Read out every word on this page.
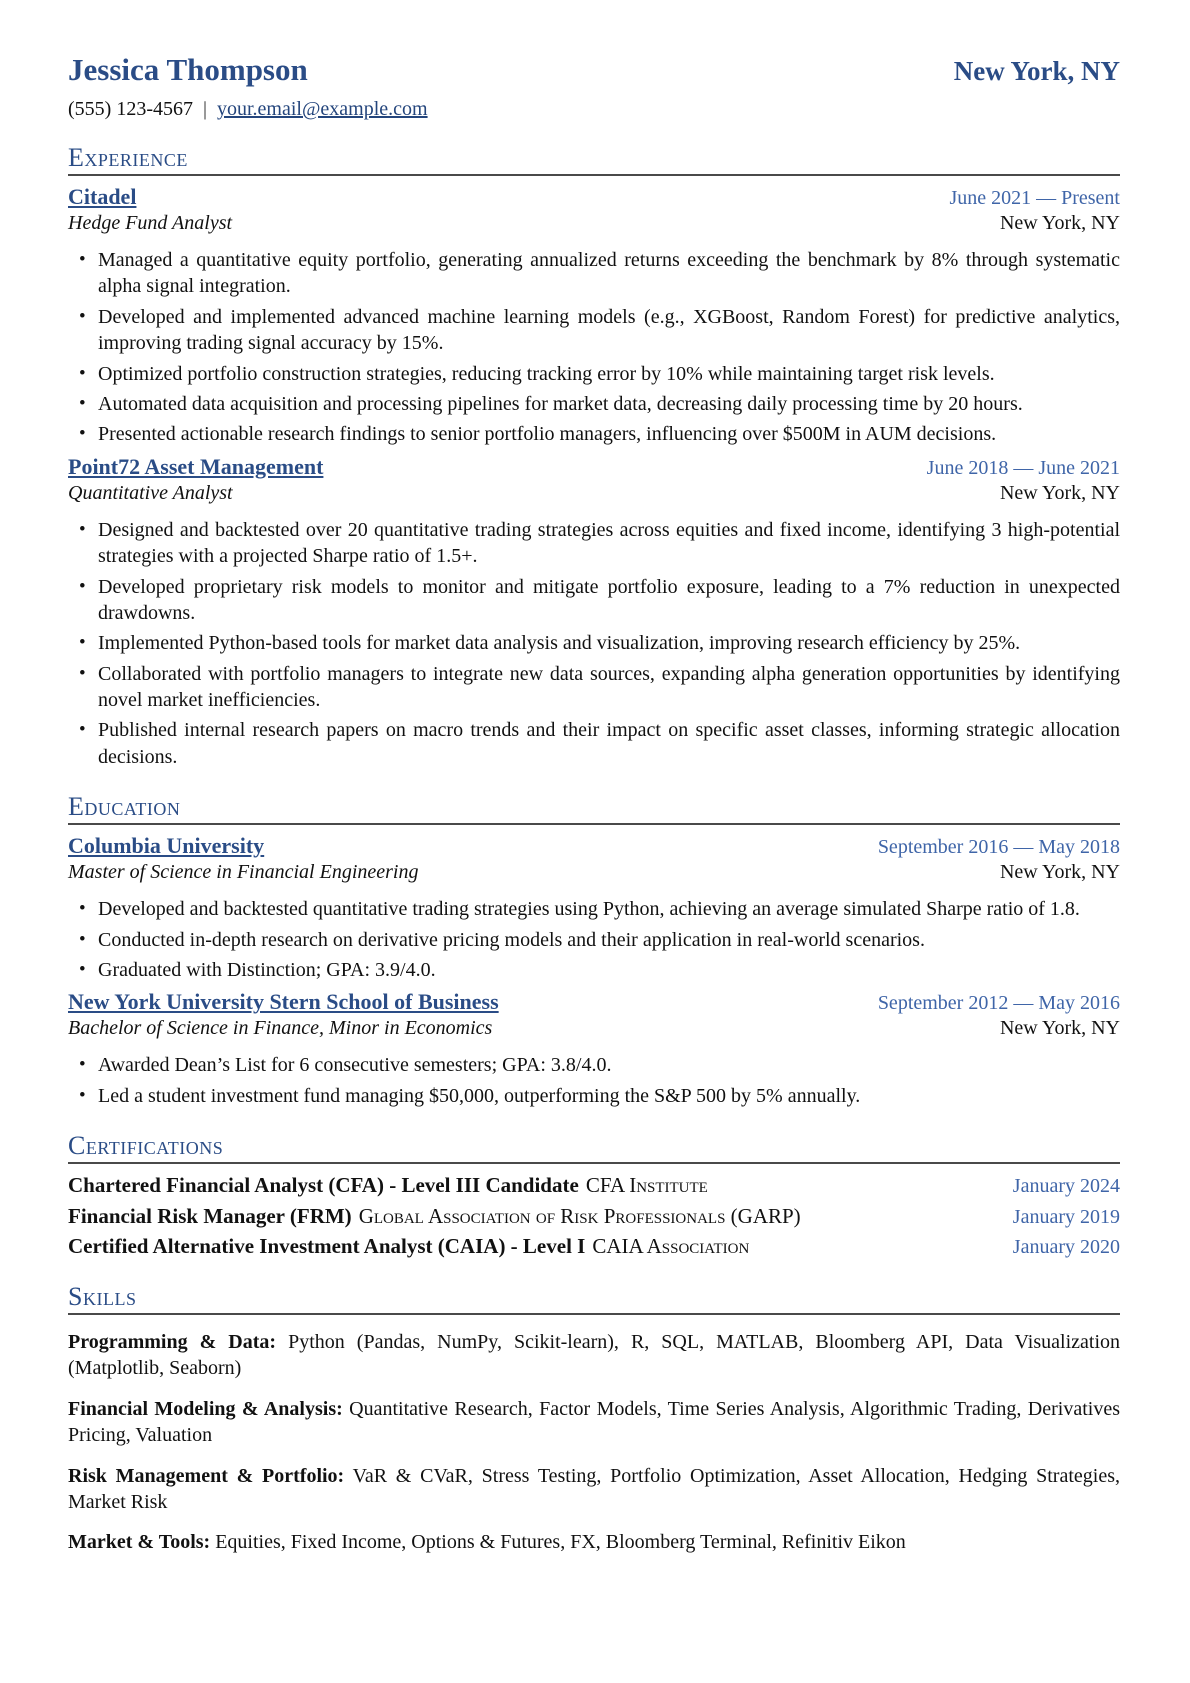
Jessica Thompson	New York, NY
(555) 123-4567 | your.email@example.com
Experience
Citadel	June 2021 — Present
Hedge Fund Analyst	New York, NY
• Managed a quantitative equity portfolio, generating annualized returns exceeding the benchmark by 8% through systematic alpha signal integration.
• Developed and implemented advanced machine learning models (e.g., XGBoost, Random Forest) for predictive analytics, improving trading signal accuracy by 15%.
• Optimized portfolio construction strategies, reducing tracking error by 10% while maintaining target risk levels.
• Automated data acquisition and processing pipelines for market data, decreasing daily processing time by 20 hours.
• Presented actionable research findings to senior portfolio managers, influencing over $500M in AUM decisions.
Point72 Asset Management	June 2018 — June 2021
Quantitative Analyst	New York, NY
• Designed and backtested over 20 quantitative trading strategies across equities and fixed income, identifying 3 high-potential strategies with a projected Sharpe ratio of 1.5+.
• Developed proprietary risk models to monitor and mitigate portfolio exposure, leading to a 7% reduction in unexpected drawdowns.
• Implemented Python-based tools for market data analysis and visualization, improving research efficiency by 25%.
• Collaborated with portfolio managers to integrate new data sources, expanding alpha generation opportunities by identifying novel market inefficiencies.
• Published internal research papers on macro trends and their impact on specific asset classes, informing strategic allocation decisions.
Education
Columbia University	September 2016 — May 2018
Master of Science in Financial Engineering	New York, NY
• Developed and backtested quantitative trading strategies using Python, achieving an average simulated Sharpe ratio of 1.8.
• Conducted in-depth research on derivative pricing models and their application in real-world scenarios.
• Graduated with Distinction; GPA: 3.9/4.0.
New York University Stern School of Business	September 2012 — May 2016
Bachelor of Science in Finance, Minor in Economics	New York, NY
• Awarded Dean’s List for 6 consecutive semesters; GPA: 3.8/4.0.
• Led a student investment fund managing $50,000, outperforming the S&P 500 by 5% annually.
Certifications
Chartered Financial Analyst (CFA) - Level III Candidate CFA Institute	January 2024
Financial Risk Manager (FRM) Global Association of Risk Professionals (GARP)	January 2019
Certified Alternative Investment Analyst (CAIA) - Level I CAIA Association	January 2020
Skills
Programming & Data: Python (Pandas, NumPy, Scikit-learn), R, SQL, MATLAB, Bloomberg API, Data Visualization (Matplotlib, Seaborn)
Financial Modeling & Analysis: Quantitative Research, Factor Models, Time Series Analysis, Algorithmic Trading, Derivatives Pricing, Valuation
Risk Management & Portfolio: VaR & CVaR, Stress Testing, Portfolio Optimization, Asset Allocation, Hedging Strategies, Market Risk
Market & Tools: Equities, Fixed Income, Options & Futures, FX, Bloomberg Terminal, Refinitiv Eikon
